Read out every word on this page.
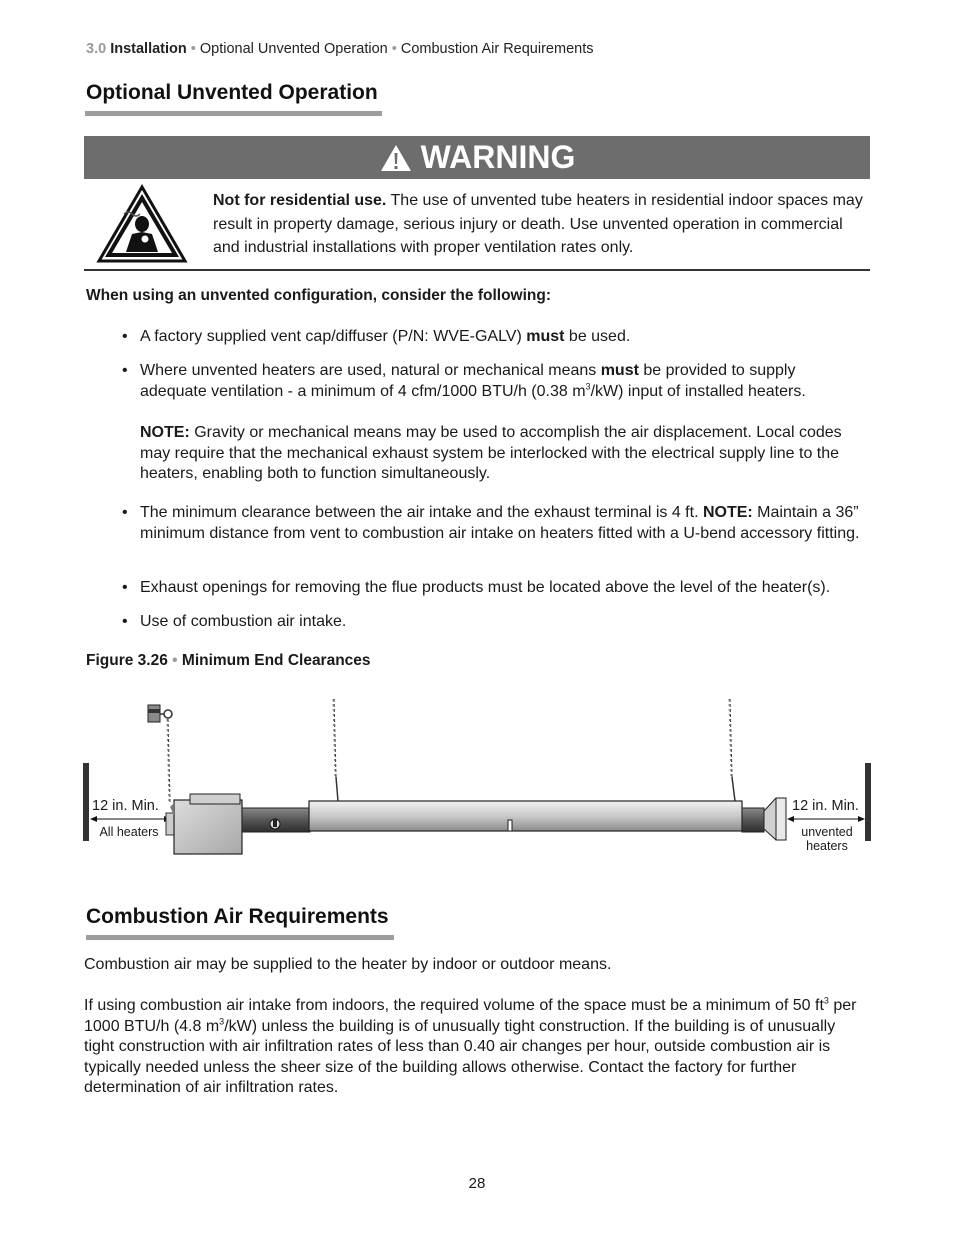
3.0 Installation • Optional Unvented Operation • Combustion Air Requirements
Optional Unvented Operation
WARNING
Not for residential use. The use of unvented tube heaters in residential indoor spaces may result in property damage, serious injury or death. Use unvented operation in commercial and industrial installations with proper ventilation rates only.
When using an unvented configuration, consider the following:
• A factory supplied vent cap/diffuser (P/N: WVE-GALV) must be used.
• Where unvented heaters are used, natural or mechanical means must be provided to supply adequate ventilation - a minimum of 4 cfm/1000 BTU/h (0.38 $m^3/kW$) input of installed heaters.
NOTE: Gravity or mechanical means may be used to accomplish the air displacement. Local codes may require that the mechanical exhaust system be interlocked with the electrical supply line to the heaters, enabling both to function simultaneously.
• The minimum clearance between the air intake and the exhaust terminal is 4 ft. NOTE: Maintain a 36” minimum distance from vent to combustion air intake on heaters fitted with a U-bend accessory fitting.
• Exhaust openings for removing the flue products must be located above the level of the heater(s).
• Use of combustion air intake.
Figure 3.26 • Minimum End Clearances
12 in. Min.
All heaters
12 in. Min.
unvented
heaters
Combustion Air Requirements
Combustion air may be supplied to the heater by indoor or outdoor means.
If using combustion air intake from indoors, the required volume of the space must be a minimum of 50 $ft^3$ per 1000 BTU/h (4.8 $m^3/kW$) unless the building is of unusually tight construction. If the building is of unusually tight construction with air infiltration rates of less than 0.40 air changes per hour, outside combustion air is typically needed unless the sheer size of the building allows otherwise. Contact the factory for further determination of air infiltration rates.
28
